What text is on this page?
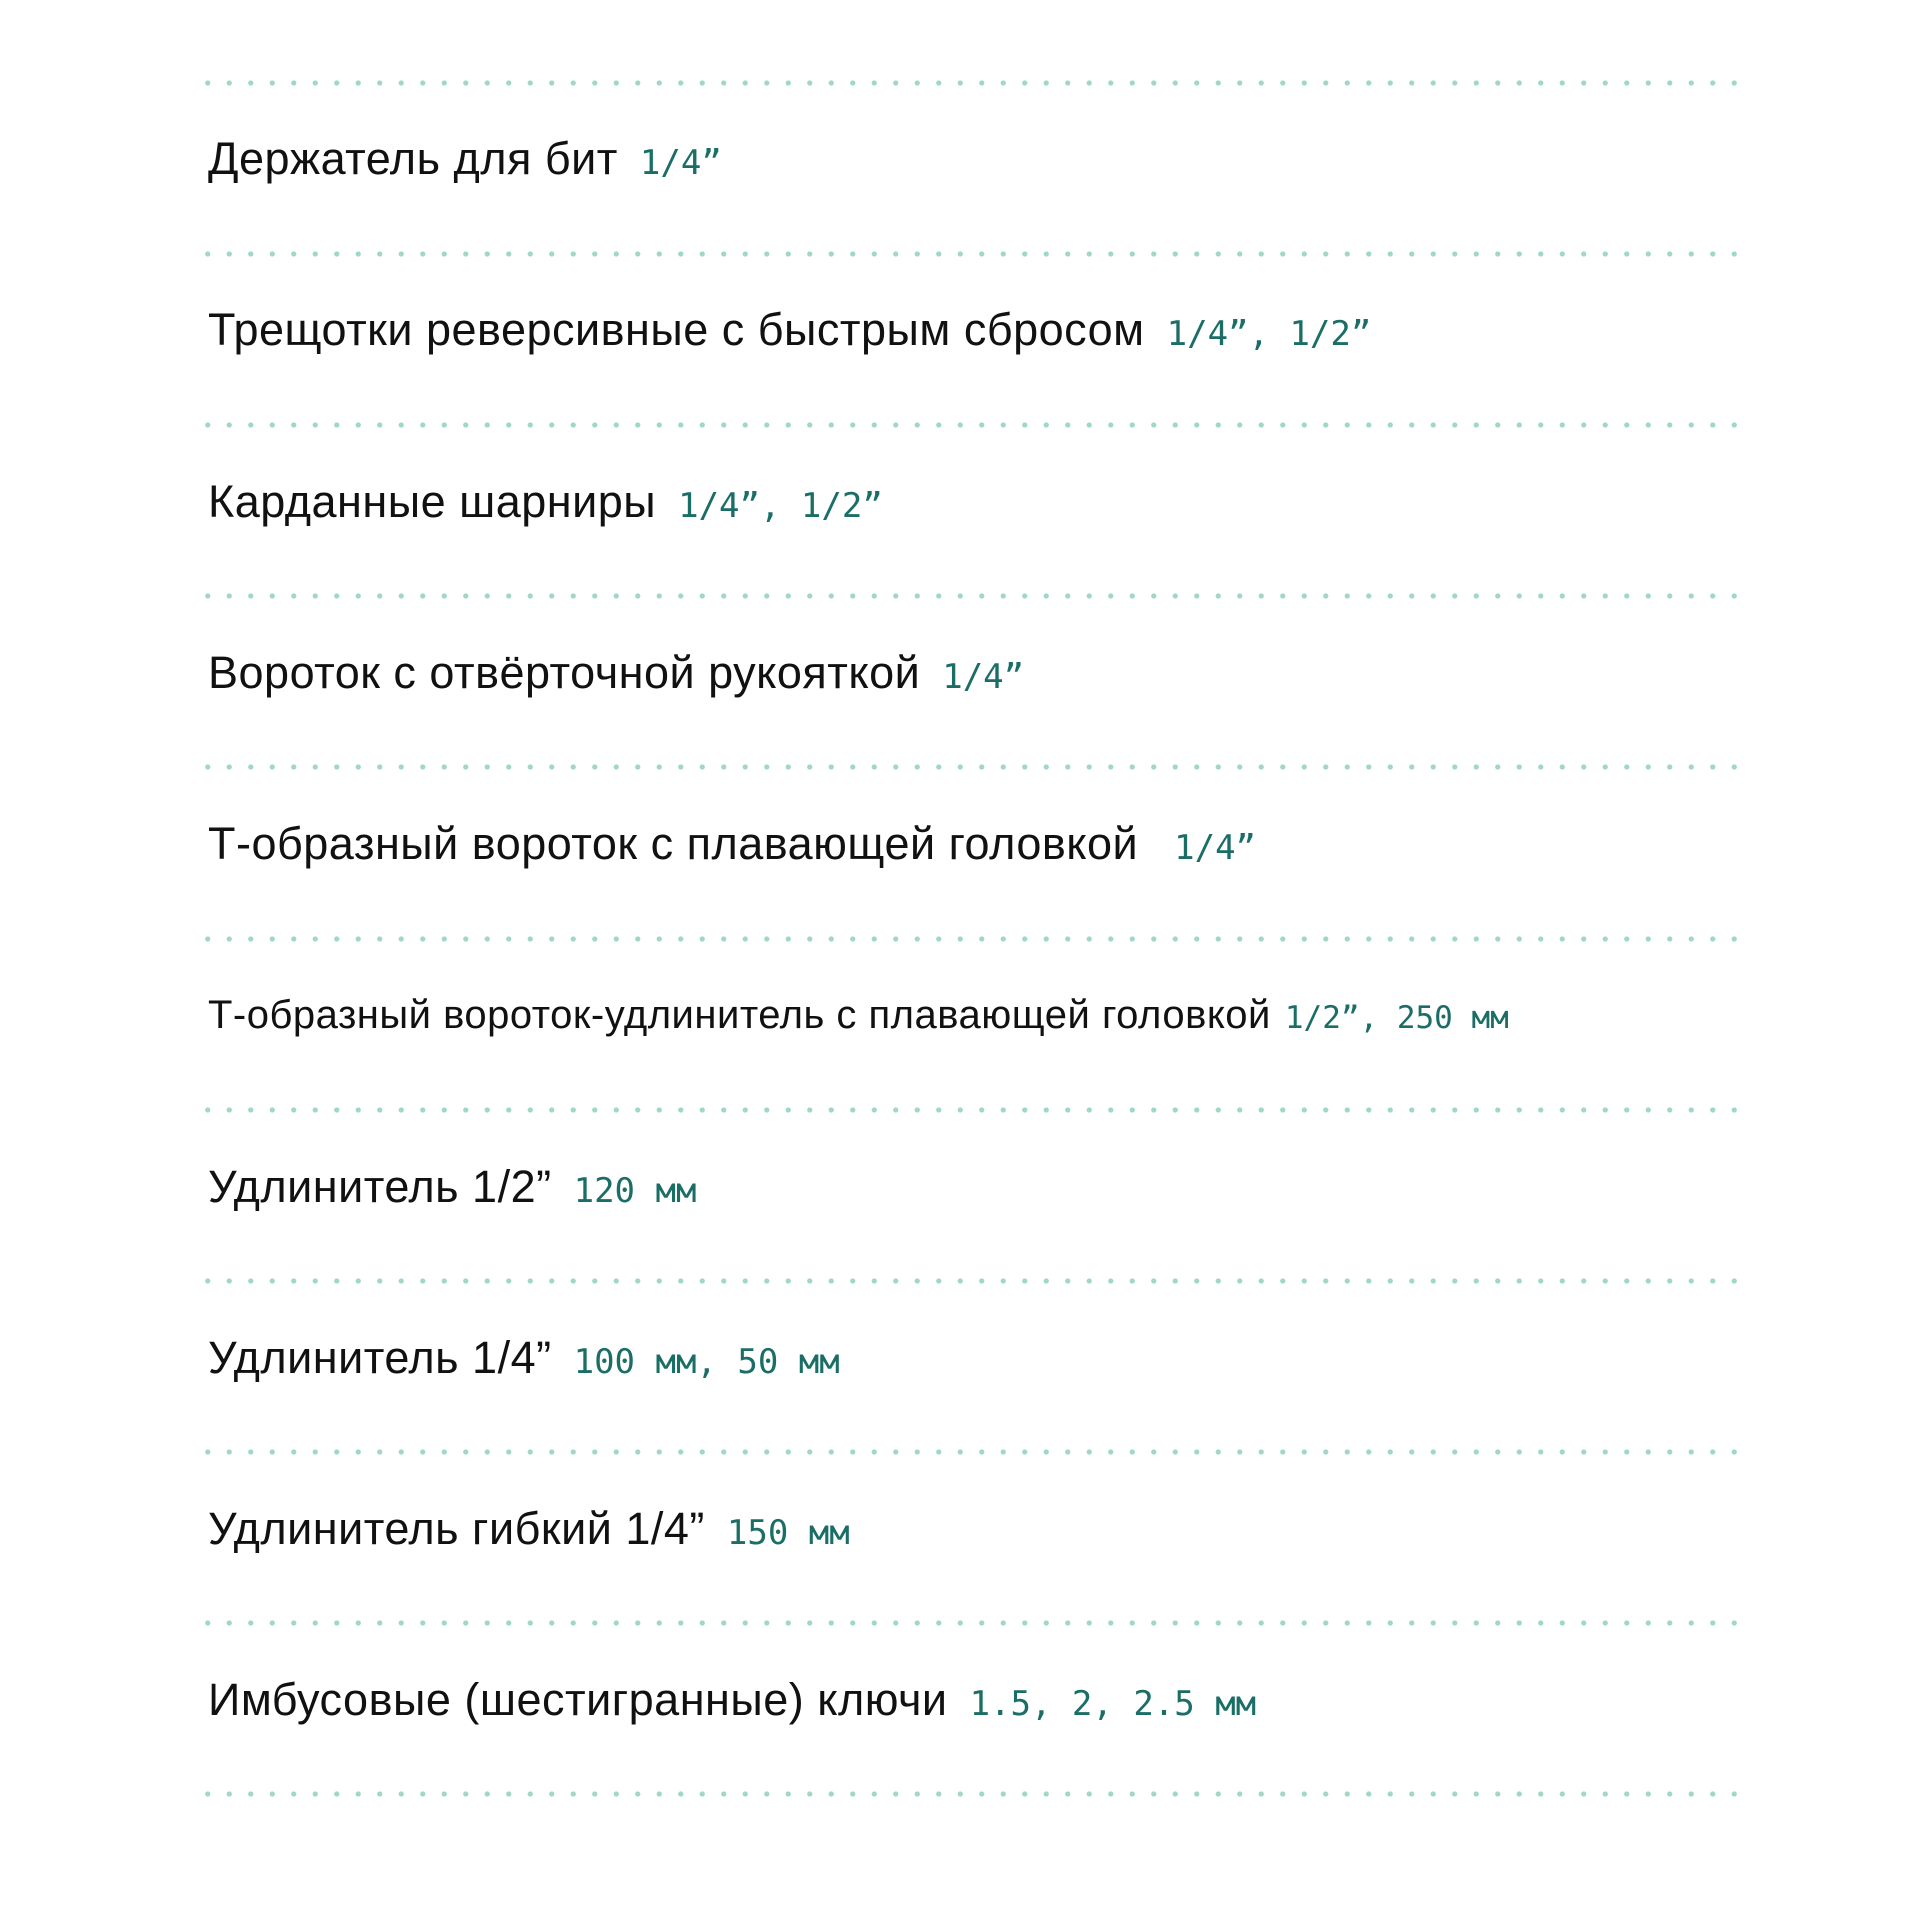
Держатель для бит 1/4”
Трещотки реверсивные с быстрым сбросом 1/4”, 1/2”
Карданные шарниры 1/4”, 1/2”
Вороток с отвёрточной рукояткой 1/4”
Т-образный вороток с плавающей головкой 1/4”
Т-образный вороток-удлинитель с плавающей головкой 1/2”, 250 мм
Удлинитель 1/2” 120 мм
Удлинитель 1/4” 100 мм, 50 мм
Удлинитель гибкий 1/4” 150 мм
Имбусовые (шестигранные) ключи 1.5, 2, 2.5 мм
